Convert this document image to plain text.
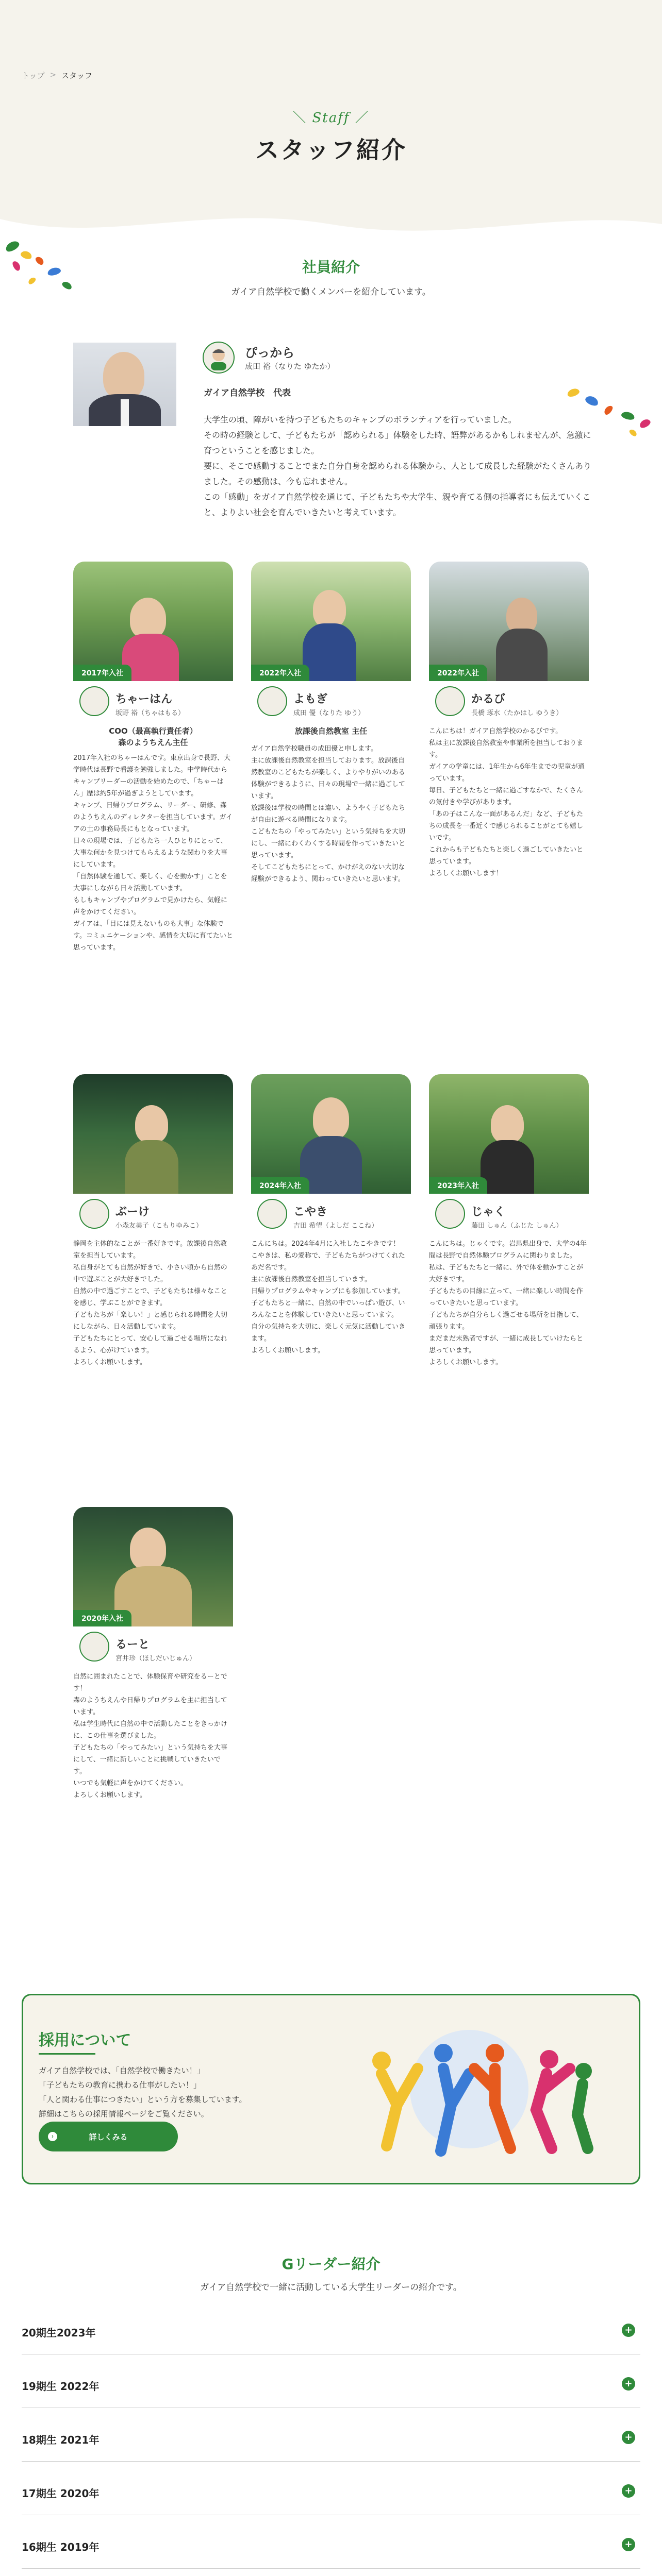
トップ > スタッフ
＼ Staff ／
スタッフ紹介
社員紹介
ガイア自然学校で働くメンバーを紹介しています。
ぴっから
成田 裕（なりた ゆたか）
ガイア自然学校　代表
大学生の頃、障がいを持つ子どもたちのキャンプのボランティアを行っていました。
その時の経験として、子どもたちが「認められる」体験をした時、語弊があるかもしれませんが、急激に育つということを感じました。
要に、そこで感動することでまた自分自身を認められる体験から、人として成長した経験がたくさんありました。その感動は、今も忘れません。
この「感動」をガイア自然学校を通じて、子どもたちや大学生、親や育てる側の指導者にも伝えていくこと、よりよい社会を育んでいきたいと考えています。
2017年入社
ちゃーはん
坂野 裕（ちゃはもる）
COO（最高執行責任者）
森のようちえん主任
2017年入社のちゃーはんです。東京出身で長野、大学時代は長野で看護を勉強しました。中学時代からキャンプリーダーの活動を始めたので、「ちゃーはん」歴は約5年が過ぎようとしています。
キャンプ、日帰りプログラム、リーダー、研修、森のようちえんのディレクターを担当しています。ガイアの土の事務局長にもとなっています。
日々の現場では、子どもたち一人ひとりにとって、大事な何かを見つけてもらえるような関わりを大事にしています。
「自然体験を通して、楽しく、心を動かす」ことを大事にしながら日々活動しています。
もしもキャンプやプログラムで見かけたら、気軽に声をかけてください。
ガイアは、「目には見えないものも大事」な体験です。コミュニケーションや、感情を大切に育てたいと思っています。
2022年入社
よもぎ
成田 優（なりた ゆう）
放課後自然教室 主任
ガイア自然学校職員の成田優と申します。
主に放課後自然教室を担当しております。放課後自然教室のこどもたちが楽しく、よりやりがいのある体験ができるように、日々の現場で一緒に過ごしています。
放課後は学校の時間とは違い、ようやく子どもたちが自由に遊べる時間になります。
こどもたちの「やってみたい」という気持ちを大切にし、一緒にわくわくする時間を作っていきたいと思っています。
そしてこどもたちにとって、かけがえのない大切な経験ができるよう、関わっていきたいと思います。
2022年入社
かるび
長橋 琢水（たかはし ゆうき）
こんにちは！ガイア自然学校のかるびです。
私は主に放課後自然教室や事業所を担当しております。
ガイアの学童には、1年生から6年生までの児童が通っています。
毎日、子どもたちと一緒に過ごすなかで、たくさんの気付きや学びがあります。
「あの子はこんな一面があるんだ」など、子どもたちの成長を一番近くで感じられることがとても嬉しいです。
これからも子どもたちと楽しく過ごしていきたいと思っています。
よろしくお願いします！
ぶーけ
小森友美子（こもりゆみこ）
静岡を主体的なことが一番好きです。放課後自然教室を担当しています。
私自身がとても自然が好きで、小さい頃から自然の中で遊ぶことが大好きでした。
自然の中で過ごすことで、子どもたちは様々なことを感じ、学ぶことができます。
子どもたちが「楽しい！」と感じられる時間を大切にしながら、日々活動しています。
子どもたちにとって、安心して過ごせる場所になれるよう、心がけています。
よろしくお願いします。
2024年入社
こやき
吉田 希望（よしだ ここね）
こんにちは。2024年4月に入社したこやきです！
こやきは、私の愛称で、子どもたちがつけてくれたあだ名です。
主に放課後自然教室を担当しています。
日帰りプログラムやキャンプにも参加しています。
子どもたちと一緒に、自然の中でいっぱい遊び、いろんなことを体験していきたいと思っています。
自分の気持ちを大切に、楽しく元気に活動していきます。
よろしくお願いします。
2023年入社
じゃく
藤田 しゅん（ふじた しゅん）
こんにちは。じゃくです。岩馬県出身で、大学の4年間は長野で自然体験プログラムに関わりました。
私は、子どもたちと一緒に、外で体を動かすことが大好きです。
子どもたちの目線に立って、一緒に楽しい時間を作っていきたいと思っています。
子どもたちが自分らしく過ごせる場所を目指して、頑張ります。
まだまだ未熟者ですが、一緒に成長していけたらと思っています。
よろしくお願いします。
2020年入社
るーと
宮井珍（ほしだいじゅん）
自然に囲まれたことで、体験保育や研究をるーとです！
森のようちえんや日帰りプログラムを主に担当しています。
私は学生時代に自然の中で活動したことをきっかけに、この仕事を選びました。
子どもたちの「やってみたい」という気持ちを大事にして、一緒に新しいことに挑戦していきたいです。
いつでも気軽に声をかけてください。
よろしくお願いします。
採用について
ガイア自然学校では、「自然学校で働きたい！」
「子どもたちの教育に携わる仕事がしたい！」
「人と関わる仕事につきたい」という方を募集しています。
詳細はこちらの採用情報ページをご覧ください。
›	詳しくみる
Gリーダー紹介
ガイア自然学校で一緒に活動している大学生リーダーの紹介です。
20期生2023年	+
19期生 2022年	+
18期生 2021年	+
17期生 2020年	+
16期生 2019年	+
